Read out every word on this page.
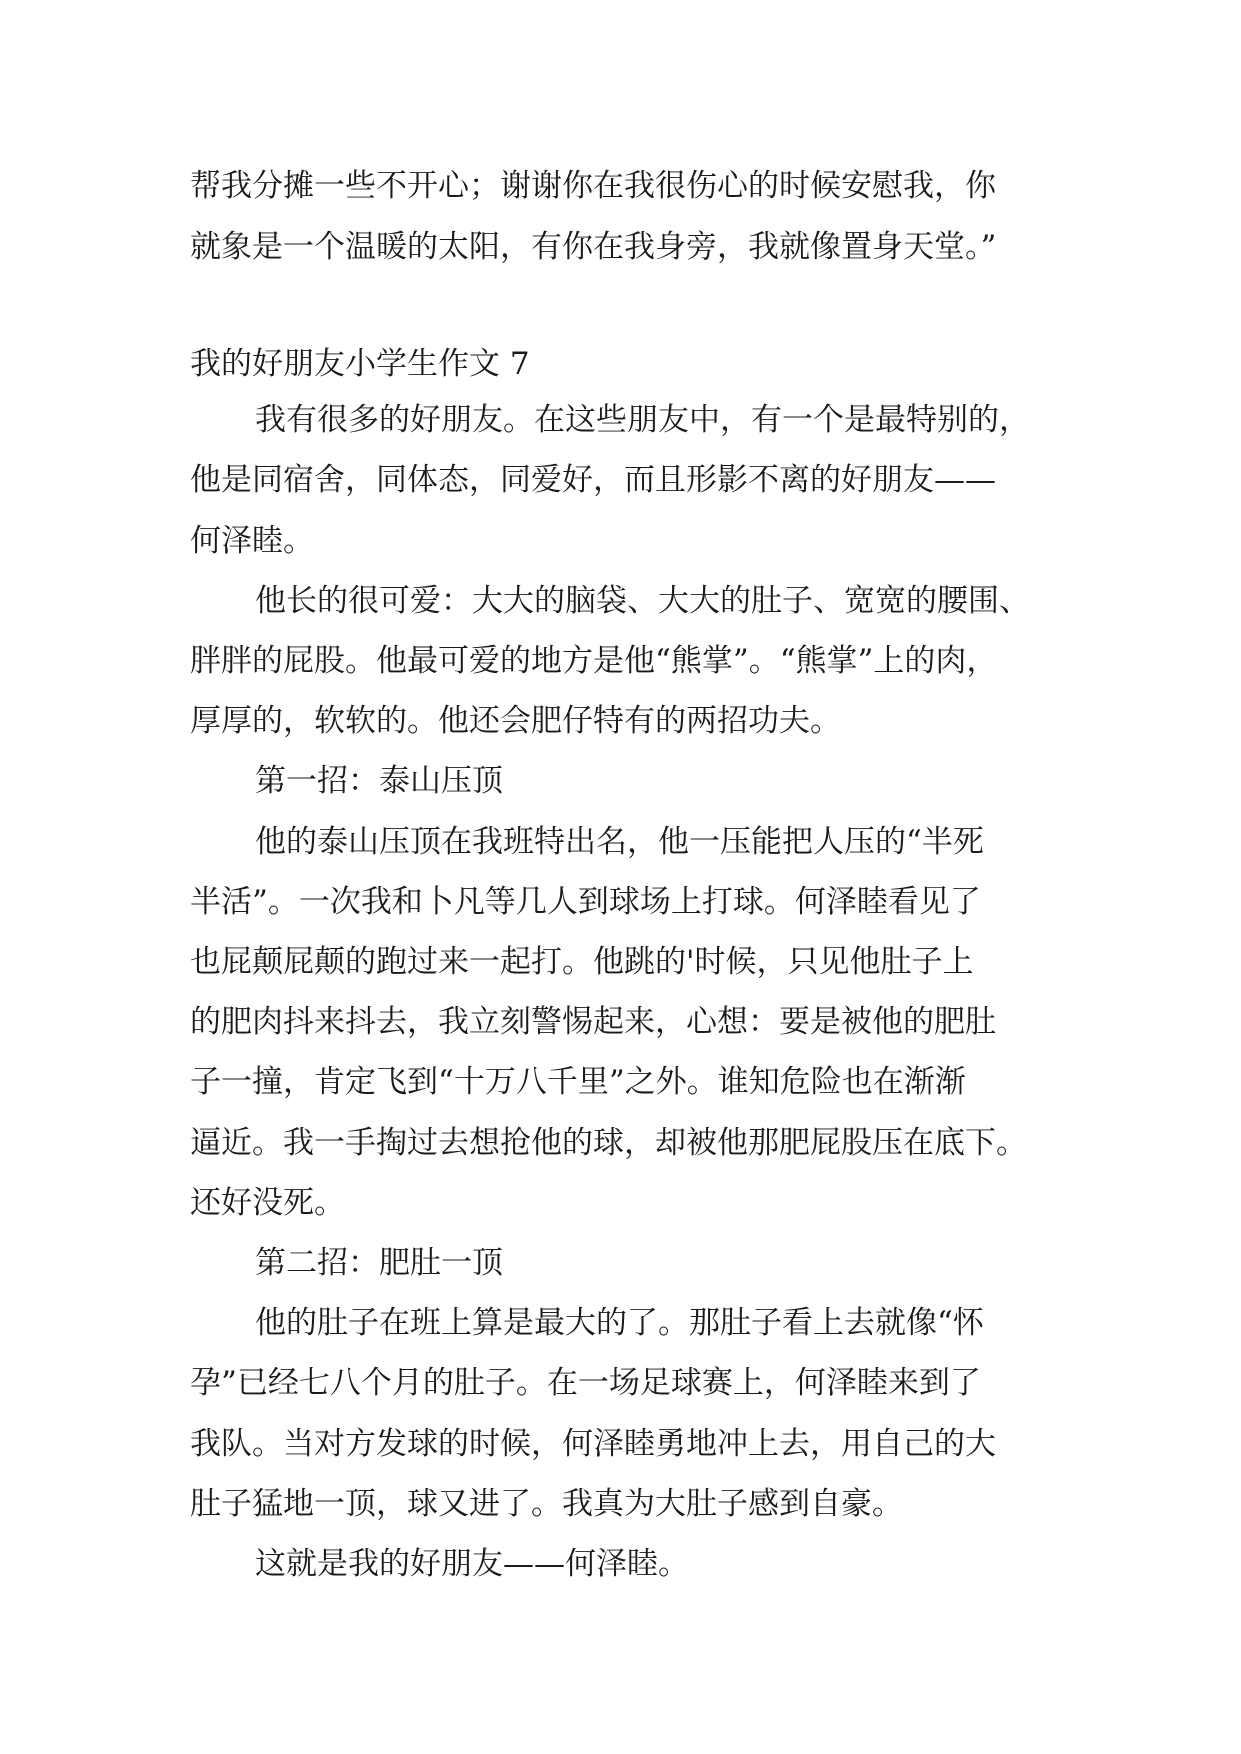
帮我分摊一些不开心；谢谢你在我很伤心的时候安慰我，你
就象是一个温暖的太阳，有你在我身旁，我就像置身天堂。”
我的好朋友小学生作文 7
我有很多的好朋友。在这些朋友中，有一个是最特别的，
他是同宿舍，同体态，同爱好，而且形影不离的好朋友——
何泽睦。
他长的很可爱：大大的脑袋、大大的肚子、宽宽的腰围、
胖胖的屁股。他最可爱的地方是他“熊掌”。“熊掌”上的肉，
厚厚的，软软的。他还会肥仔特有的两招功夫。
第一招：泰山压顶
他的泰山压顶在我班特出名，他一压能把人压的“半死
半活”。一次我和卜凡等几人到球场上打球。何泽睦看见了
也屁颠屁颠的跑过来一起打。他跳的'时候，只见他肚子上
的肥肉抖来抖去，我立刻警惕起来，心想：要是被他的肥肚
子一撞，肯定飞到“十万八千里”之外。谁知危险也在渐渐
逼近。我一手掏过去想抢他的球，却被他那肥屁股压在底下。
还好没死。
第二招：肥肚一顶
他的肚子在班上算是最大的了。那肚子看上去就像“怀
孕”已经七八个月的肚子。在一场足球赛上，何泽睦来到了
我队。当对方发球的时候，何泽睦勇地冲上去，用自己的大
肚子猛地一顶，球又进了。我真为大肚子感到自豪。
这就是我的好朋友——何泽睦。
